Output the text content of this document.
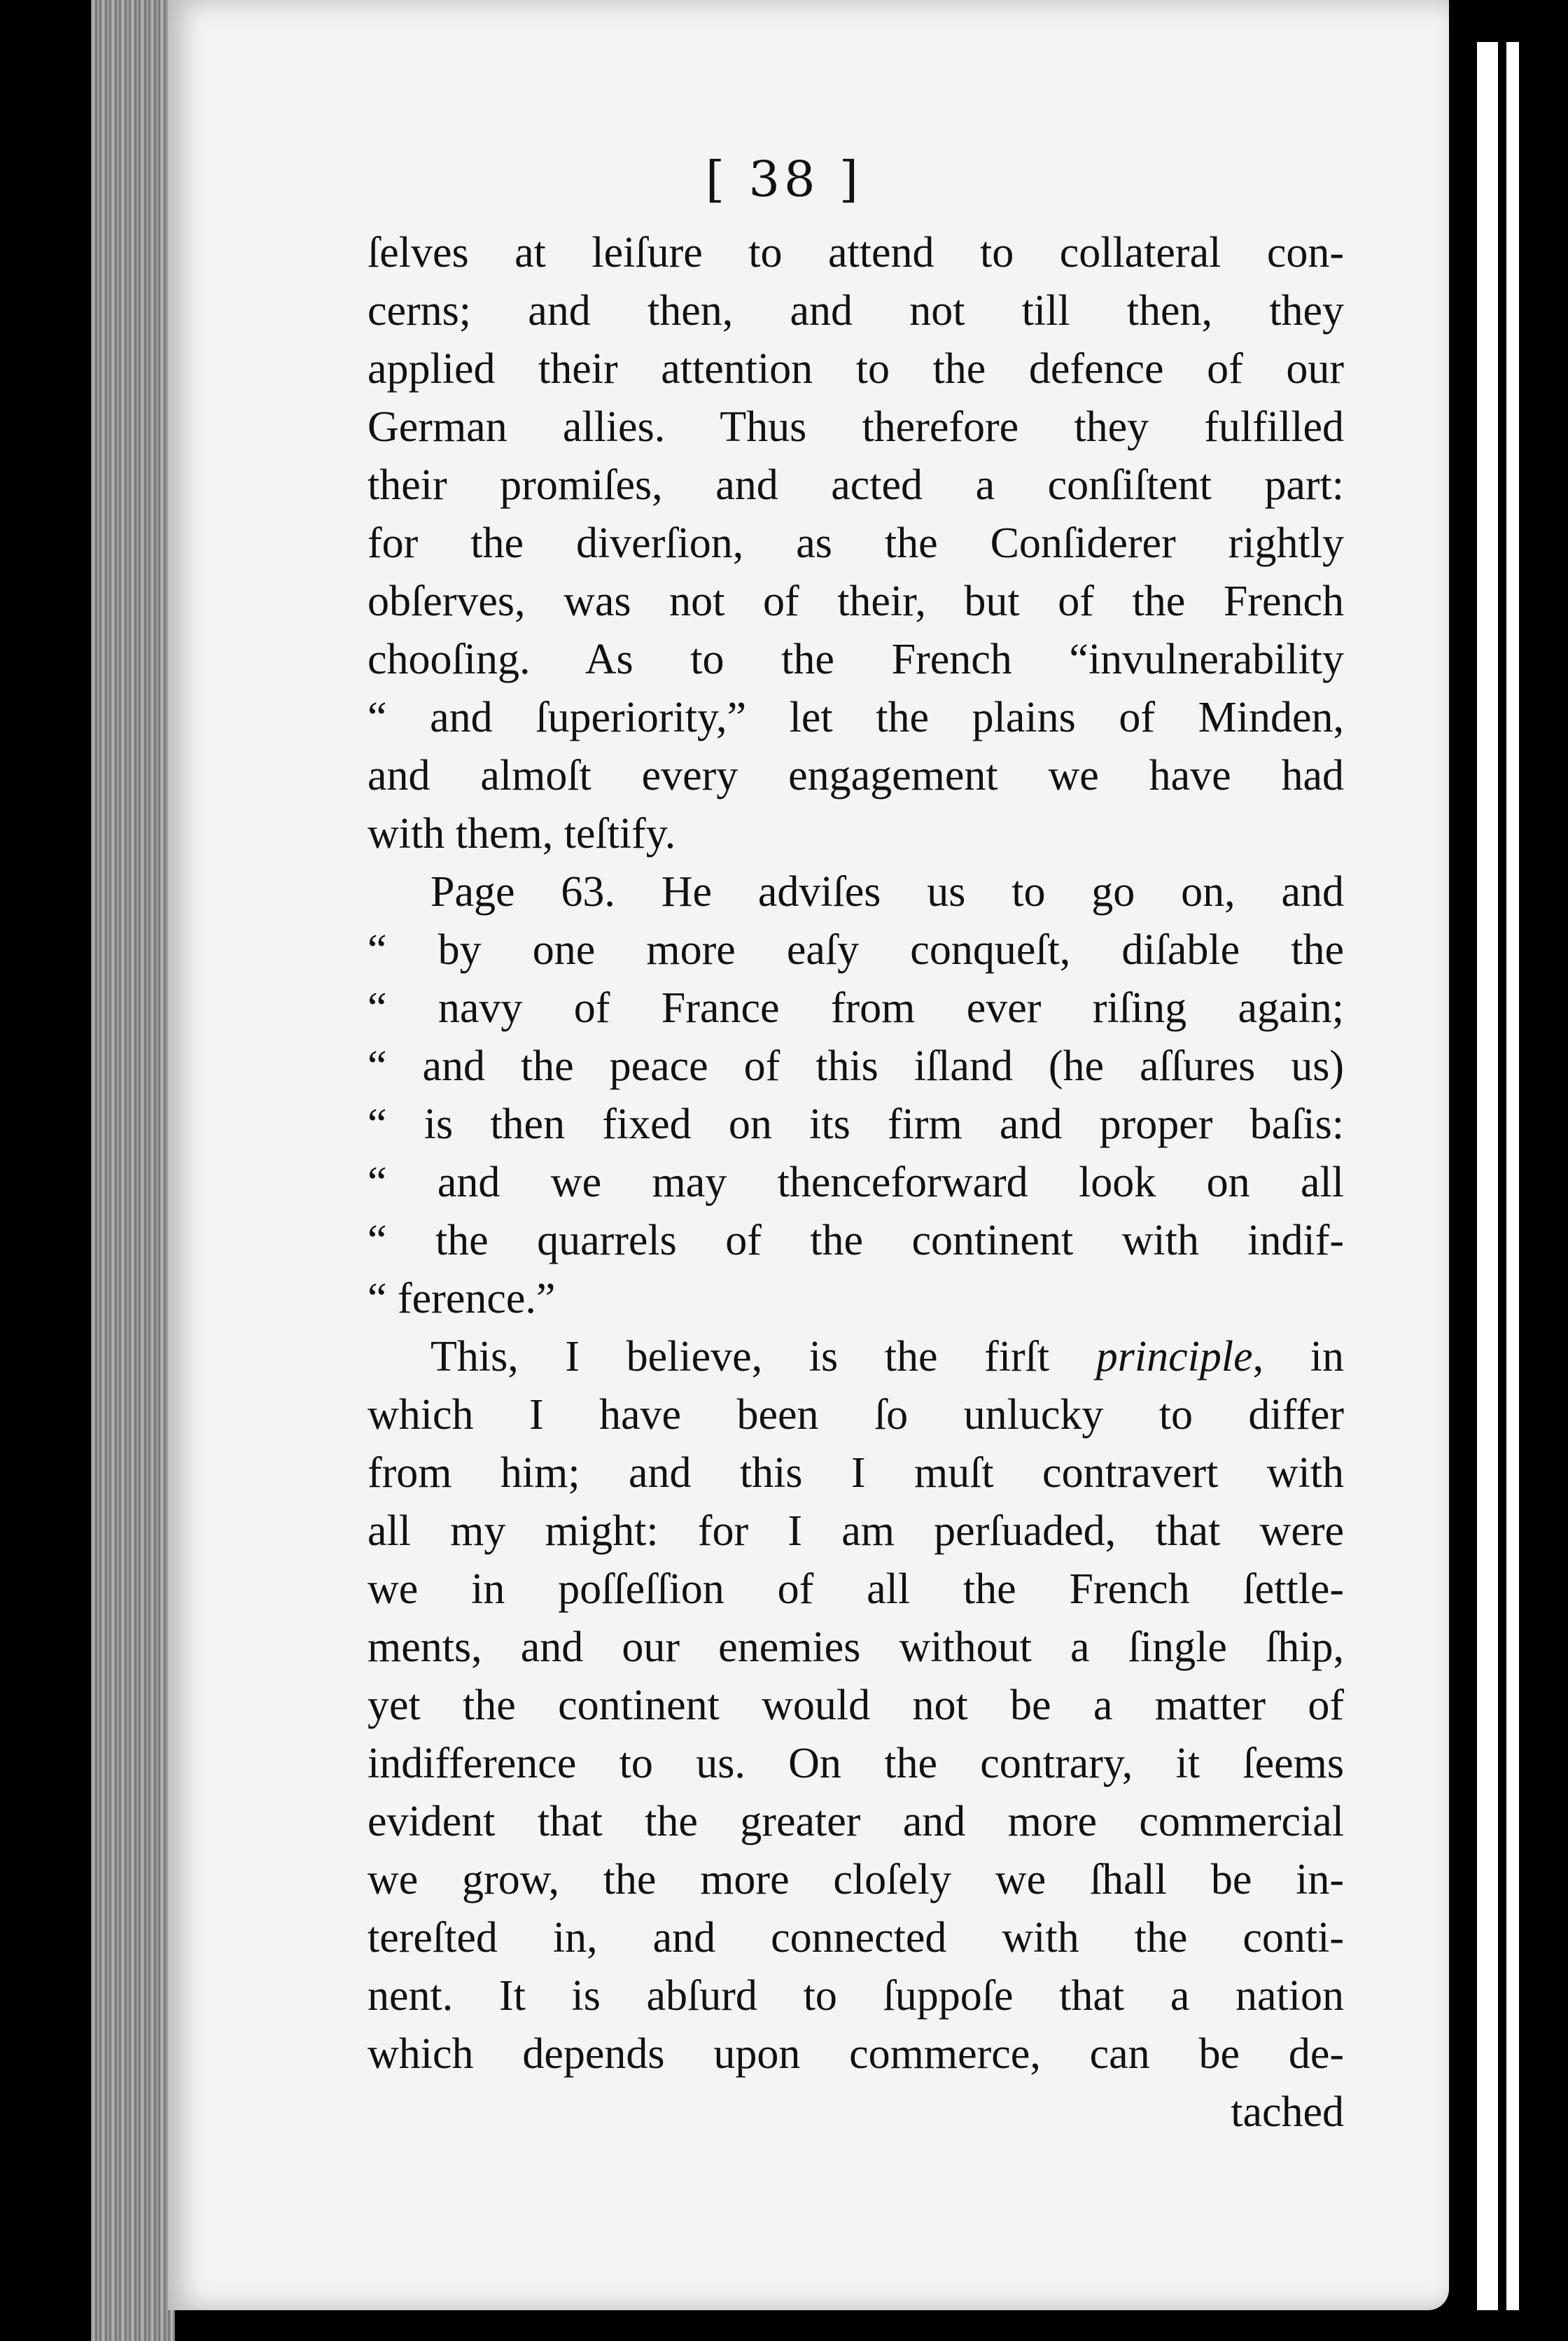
[ 38 ]
ſelves at leiſure to attend to collateral con-
cerns; and then, and not till then, they
applied their attention to the defence of our
German allies. Thus therefore they fulfilled
their promiſes, and acted a conſiſtent part:
for the diverſion, as the Conſiderer rightly
obſerves, was not of their, but of the French
chooſing. As to the French “invulnerability
“ and ſuperiority,” let the plains of Minden,
and almoſt every engagement we have had
with them, teſtify.
Page 63. He adviſes us to go on, and
“ by one more eaſy conqueſt, diſable the
“ navy of France from ever riſing again;
“ and the peace of this iſland (he aſſures us)
“ is then fixed on its firm and proper baſis:
“ and we may thenceforward look on all
“ the quarrels of the continent with indif-
“ ference.”
This, I believe, is the firſt principle, in
which I have been ſo unlucky to differ
from him; and this I muſt contravert with
all my might: for I am perſuaded, that were
we in poſſeſſion of all the French ſettle-
ments, and our enemies without a ſingle ſhip,
yet the continent would not be a matter of
indifference to us. On the contrary, it ſeems
evident that the greater and more commercial
we grow, the more cloſely we ſhall be in-
tereſted in, and connected with the conti-
nent. It is abſurd to ſuppoſe that a nation
which depends upon commerce, can be de-
tached
